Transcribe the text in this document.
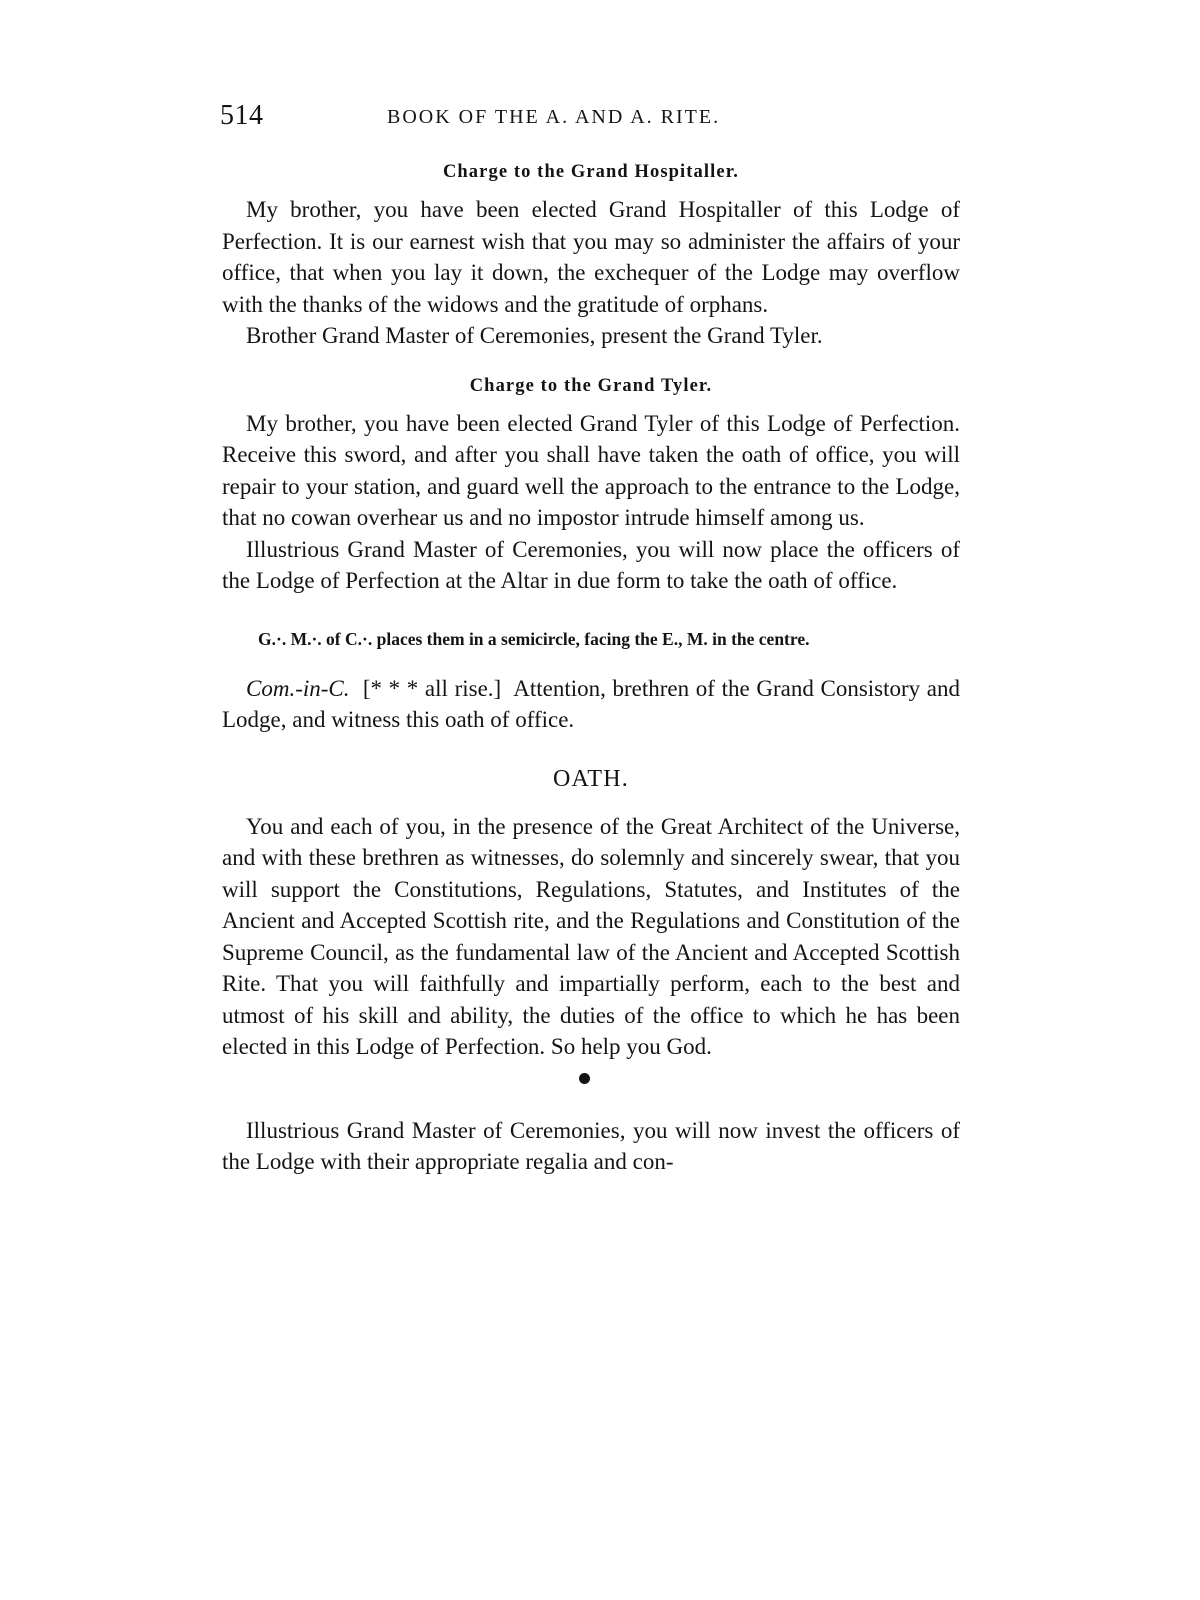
514	BOOK OF THE A. AND A. RITE.
Charge to the Grand Hospitaller.

My brother, you have been elected Grand Hospitaller of this Lodge of Perfection. It is our earnest wish that you may so administer the affairs of your office, that when you lay it down, the exchequer of the Lodge may overflow with the thanks of the widows and the gratitude of orphans.

Brother Grand Master of Ceremonies, present the Grand Tyler.

Charge to the Grand Tyler.

My brother, you have been elected Grand Tyler of this Lodge of Perfection. Receive this sword, and after you shall have taken the oath of office, you will repair to your station, and guard well the approach to the entrance to the Lodge, that no cowan overhear us and no impostor intrude himself among us.

Illustrious Grand Master of Ceremonies, you will now place the officers of the Lodge of Perfection at the Altar in due form to take the oath of office.

G.·. M.·. of C.·. places them in a semicircle, facing the E., M. in the centre.

Com.-in-C. [* * * all rise.] Attention, brethren of the Grand Consistory and Lodge, and witness this oath of office.

OATH.

You and each of you, in the presence of the Great Architect of the Universe, and with these brethren as witnesses, do solemnly and sincerely swear, that you will support the Constitutions, Regulations, Statutes, and Institutes of the Ancient and Accepted Scottish rite, and the Regulations and Constitution of the Supreme Council, as the fundamental law of the Ancient and Accepted Scottish Rite. That you will faithfully and impartially perform, each to the best and utmost of his skill and ability, the duties of the office to which he has been elected in this Lodge of Perfection. So help you God.

Illustrious Grand Master of Ceremonies, you will now invest the officers of the Lodge with their appropriate regalia and con-
